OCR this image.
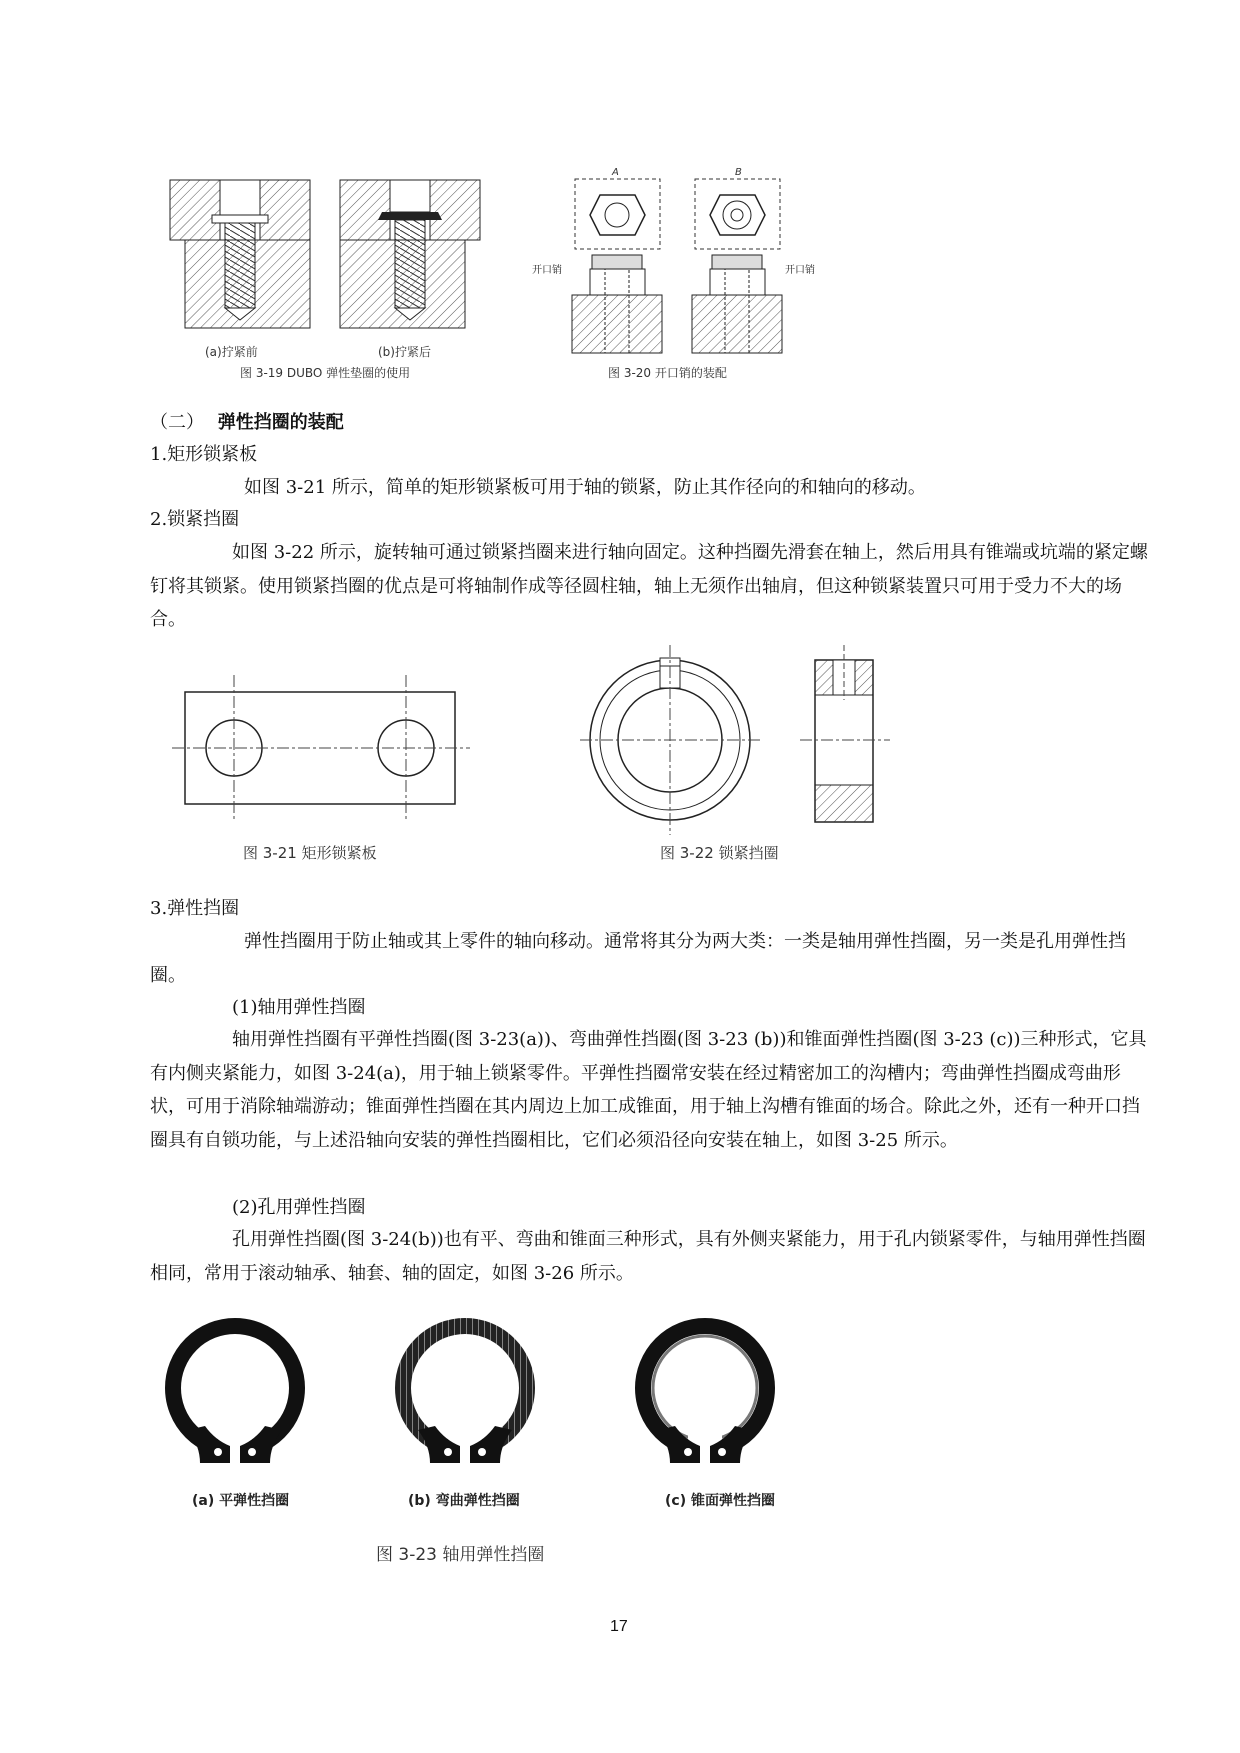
(a)拧紧前	(b)拧紧后
图 3-19 DUBO 弹性垫圈的使用
A
开口销
B
开口销
图 3-20 开口销的装配
（二） 弹性挡圈的装配
1.矩形锁紧板
如图 3-21 所示，简单的矩形锁紧板可用于轴的锁紧，防止其作径向的和轴向的移动。
2.锁紧挡圈
如图 3-22 所示，旋转轴可通过锁紧挡圈来进行轴向固定。这种挡圈先滑套在轴上，然后用具有锥端或坑端的紧定螺钉将其锁紧。使用锁紧挡圈的优点是可将轴制作成等径圆柱轴，轴上无须作出轴肩，但这种锁紧装置只可用于受力不大的场合。
图 3-21 矩形锁紧板	图 3-22 锁紧挡圈
3.弹性挡圈
弹性挡圈用于防止轴或其上零件的轴向移动。通常将其分为两大类：一类是轴用弹性挡圈，另一类是孔用弹性挡圈。
(1)轴用弹性挡圈
轴用弹性挡圈有平弹性挡圈(图 3-23(a))、弯曲弹性挡圈(图 3-23 (b))和锥面弹性挡圈(图 3-23 (c))三种形式，它具有内侧夹紧能力，如图 3-24(a)，用于轴上锁紧零件。平弹性挡圈常安装在经过精密加工的沟槽内；弯曲弹性挡圈成弯曲形状，可用于消除轴端游动；锥面弹性挡圈在其内周边上加工成锥面，用于轴上沟槽有锥面的场合。除此之外，还有一种开口挡圈具有自锁功能，与上述沿轴向安装的弹性挡圈相比，它们必须沿径向安装在轴上，如图 3-25 所示。
(2)孔用弹性挡圈
孔用弹性挡圈(图 3-24(b))也有平、弯曲和锥面三种形式，具有外侧夹紧能力，用于孔内锁紧零件，与轴用弹性挡圈相同，常用于滚动轴承、轴套、轴的固定，如图 3-26 所示。
(a) 平弹性挡圈	(b) 弯曲弹性挡圈	(c) 锥面弹性挡圈
图 3-23 轴用弹性挡圈
17
